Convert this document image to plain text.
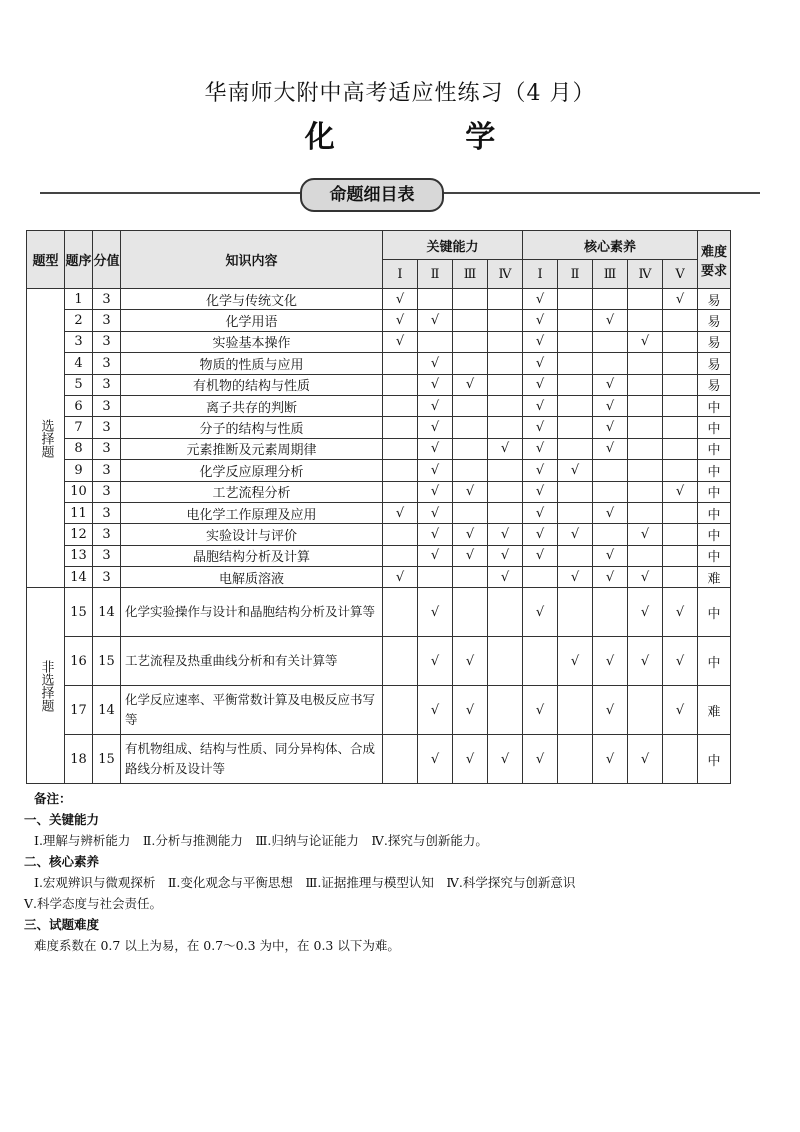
华南师大附中高考适应性练习（4 月）
化 学
命题细目表
题型	题序	分值	知识内容	关键能力				核心素养					难度要求
				Ⅰ	Ⅱ	Ⅲ	Ⅳ	Ⅰ	Ⅱ	Ⅲ	Ⅳ	Ⅴ	
选择题	1	3	化学与传统文化	√				√				√	易
	2	3	化学用语	√	√			√		√			易
	3	3	实验基本操作	√				√			√		易
	4	3	物质的性质与应用		√			√					易
	5	3	有机物的结构与性质		√	√		√		√			易
	6	3	离子共存的判断		√			√		√			中
	7	3	分子的结构与性质		√			√		√			中
	8	3	元素推断及元素周期律		√		√	√		√			中
	9	3	化学反应原理分析		√			√	√				中
	10	3	工艺流程分析		√	√		√				√	中
	11	3	电化学工作原理及应用	√	√			√		√			中
	12	3	实验设计与评价		√	√	√	√	√		√		中
	13	3	晶胞结构分析及计算		√	√	√	√		√			中
	14	3	电解质溶液	√			√		√	√	√		难
非选择题	15	14	化学实验操作与设计和晶胞结构分析及计算等		√			√			√	√	中
	16	15	工艺流程及热重曲线分析和有关计算等		√	√			√	√	√	√	中
	17	14	化学反应速率、平衡常数计算及电极反应书写等		√	√		√		√		√	难
	18	15	有机物组成、结构与性质、同分异构体、合成路线分析及设计等		√	√	√	√		√	√		中
备注：
一、关键能力
Ⅰ.理解与辨析能力　Ⅱ.分析与推测能力　Ⅲ.归纳与论证能力　Ⅳ.探究与创新能力。
二、核心素养
Ⅰ.宏观辨识与微观探析　Ⅱ.变化观念与平衡思想　Ⅲ.证据推理与模型认知　Ⅳ.科学探究与创新意识
Ⅴ.科学态度与社会责任。
三、试题难度
难度系数在 0.7 以上为易，在 0.7～0.3 为中，在 0.3 以下为难。
